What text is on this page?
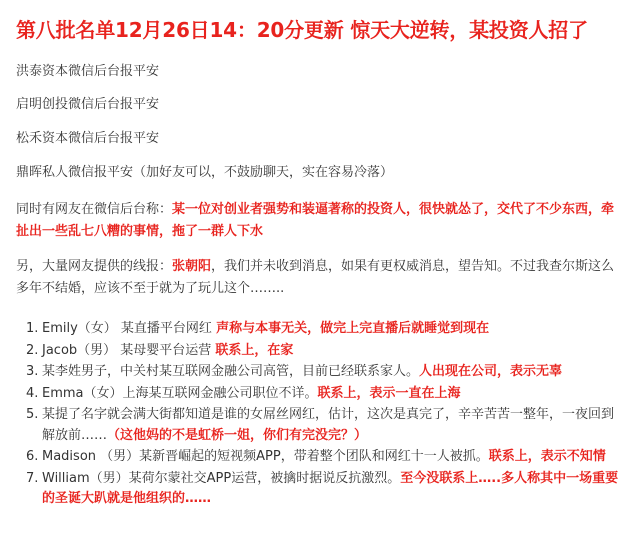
第八批名单12月26日14：20分更新 惊天大逆转，某投资人招了
洪泰资本微信后台报平安
启明创投微信后台报平安
松禾资本微信后台报平安
鼎晖私人微信报平安（加好友可以，不鼓励聊天，实在容易冷落）
同时有网友在微信后台称：某一位对创业者强势和装逼著称的投资人，很快就怂了，交代了不少东西，牵扯出一些乱七八糟的事情，拖了一群人下水
另，大量网友提供的线报：张朝阳，我们并未收到消息，如果有更权威消息，望告知。不过我查尔斯这么多年不结婚，应该不至于就为了玩儿这个……..
1. Emily（女） 某直播平台网红 声称与本事无关，做完上完直播后就睡觉到现在
2. Jacob（男） 某母婴平台运营 联系上，在家
3. 某李姓男子，中关村某互联网金融公司高管，目前已经联系家人。人出现在公司，表示无辜
4. Emma（女）上海某互联网金融公司职位不详。联系上，表示一直在上海
5. 某提了名字就会满大街都知道是谁的女屌丝网红，估计，这次是真完了，辛辛苦苦一整年，一夜回到解放前……（这他妈的不是虹桥一姐，你们有完没完？）
6. Madison （男）某新晋崛起的短视频APP，带着整个团队和网红十一人被抓。联系上，表示不知情
7. William（男）某荷尔蒙社交APP运营，被擒时据说反抗激烈。至今没联系上…..多人称其中一场重要的圣诞大趴就是他组织的……
